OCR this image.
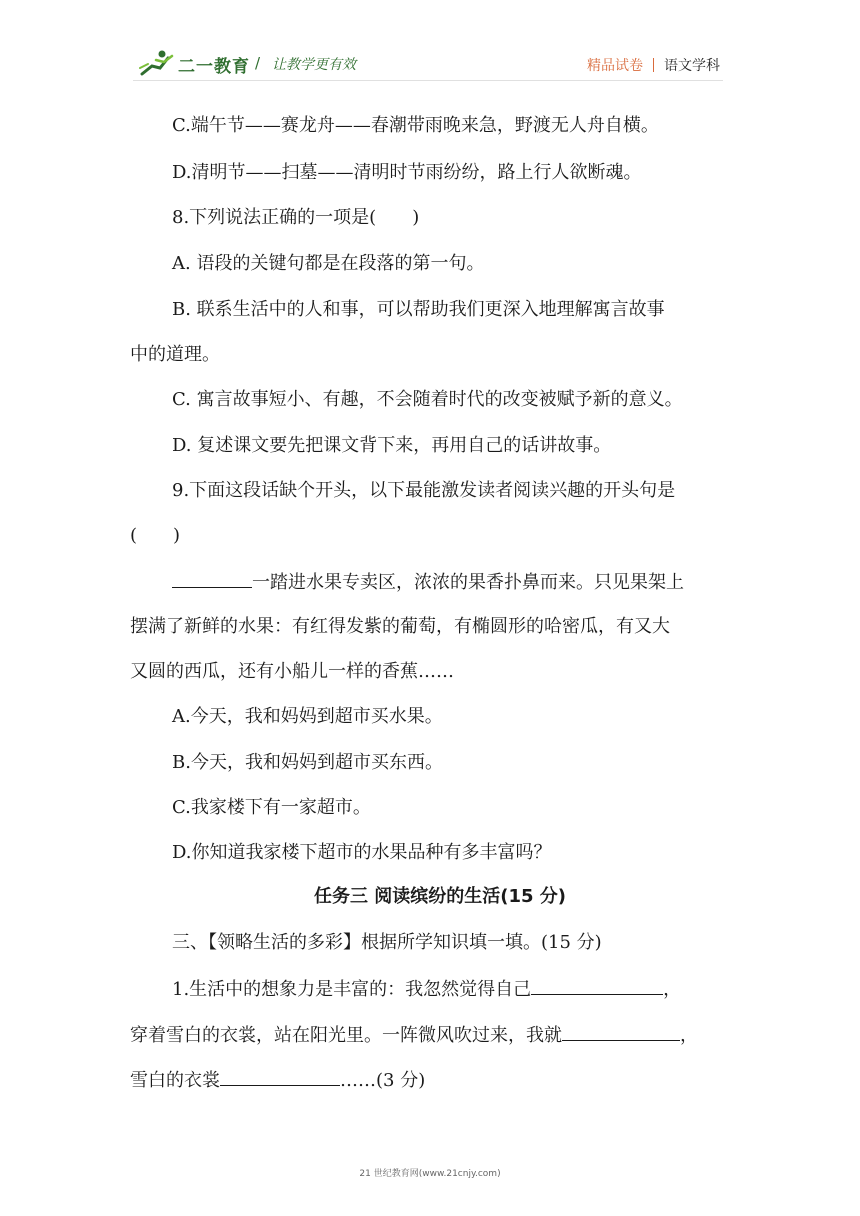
二一教育 / 让教学更有效	精品试卷 语文学科
C.端午节——赛龙舟——春潮带雨晚来急，野渡无人舟自横。
D.清明节——扫墓——清明时节雨纷纷，路上行人欲断魂。
8.下列说法正确的一项是(　　)
A. 语段的关键句都是在段落的第一句。
B. 联系生活中的人和事，可以帮助我们更深入地理解寓言故事
中的道理。
C. 寓言故事短小、有趣，不会随着时代的改变被赋予新的意义。
D. 复述课文要先把课文背下来，再用自己的话讲故事。
9.下面这段话缺个开头，以下最能激发读者阅读兴趣的开头句是
(　　)
一踏进水果专卖区，浓浓的果香扑鼻而来。只见果架上
摆满了新鲜的水果：有红得发紫的葡萄，有椭圆形的哈密瓜，有又大
又圆的西瓜，还有小船儿一样的香蕉……
A.今天，我和妈妈到超市买水果。
B.今天，我和妈妈到超市买东西。
C.我家楼下有一家超市。
D.你知道我家楼下超市的水果品种有多丰富吗？
任务三 阅读缤纷的生活(15 分)
三、【领略生活的多彩】根据所学知识填一填。(15 分)
1.生活中的想象力是丰富的：我忽然觉得自己	，
穿着雪白的衣裳，站在阳光里。一阵微风吹过来，我就	，
雪白的衣裳	……(3 分)
21 世纪教育网(www.21cnjy.com)
